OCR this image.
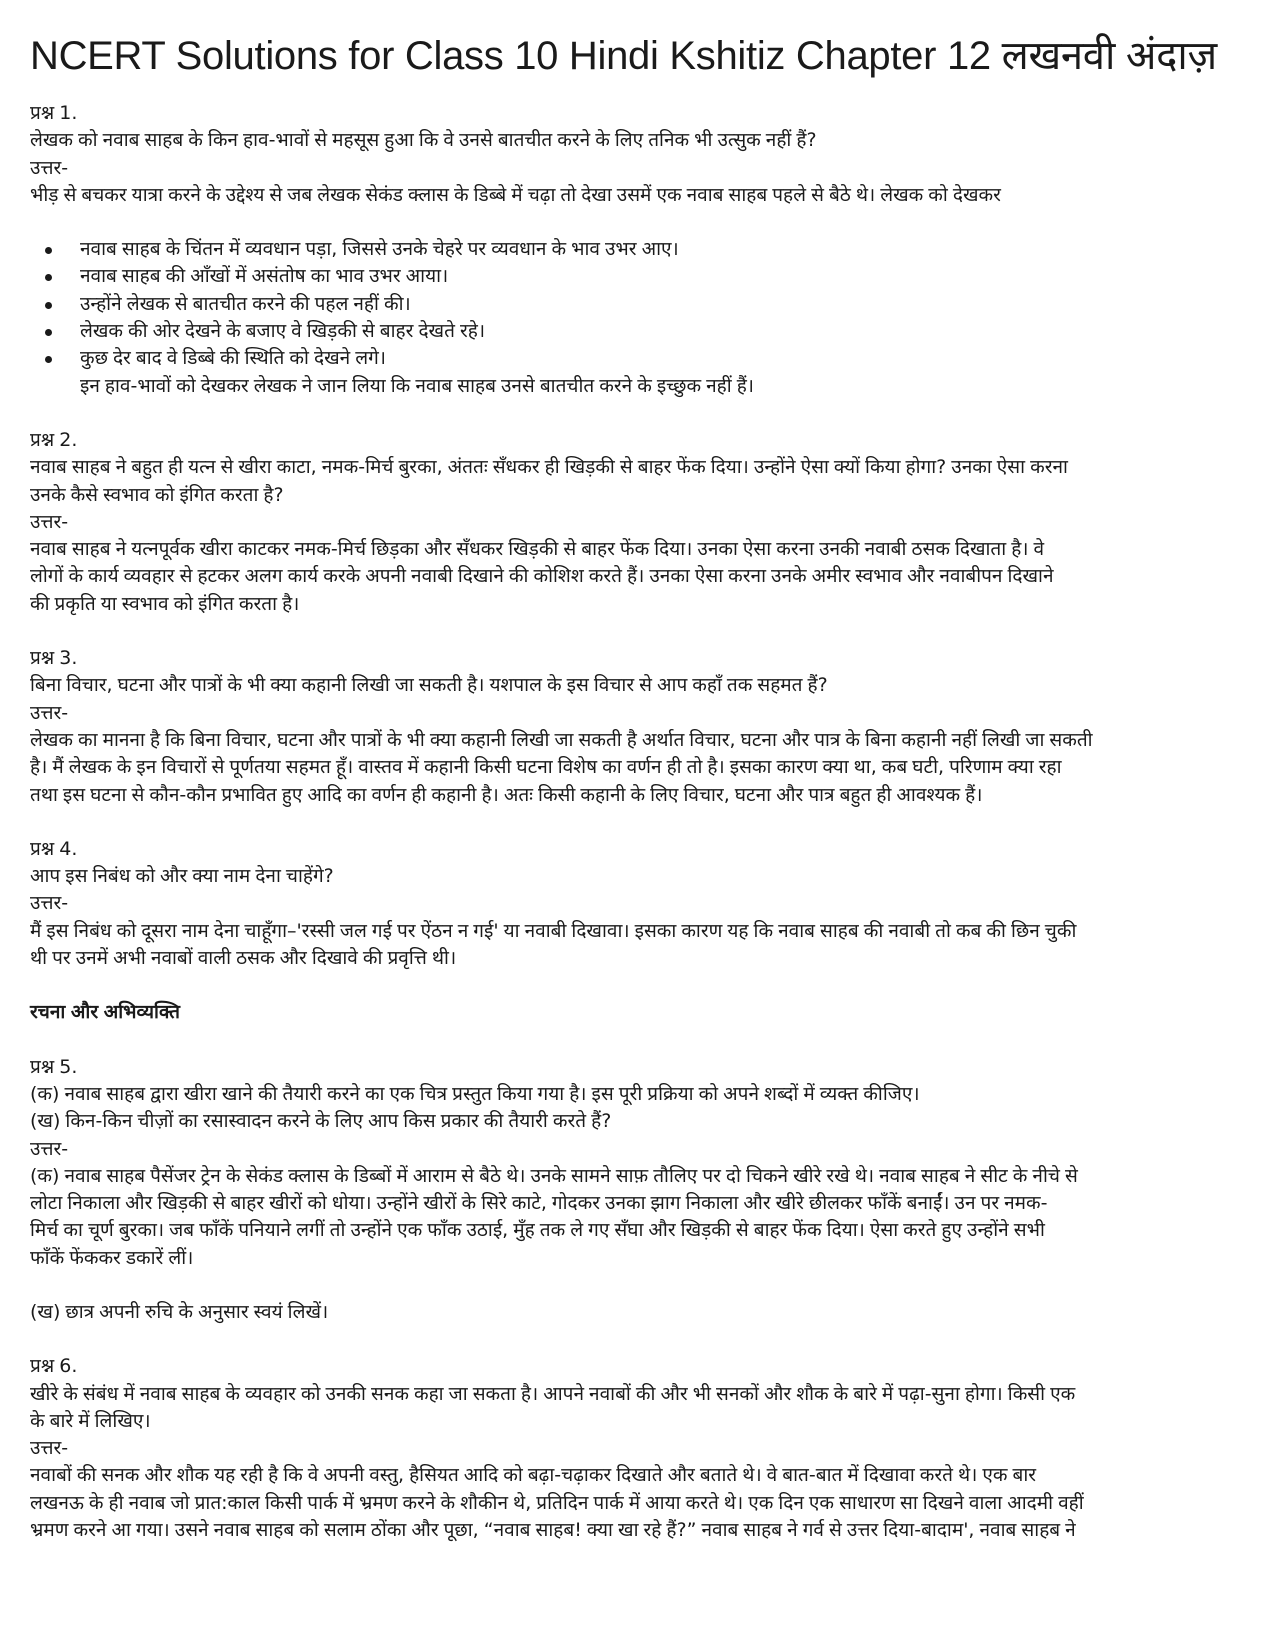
NCERT Solutions for Class 10 Hindi Kshitiz Chapter 12 लखनवी अंदाज़
प्रश्न 1.
लेखक को नवाब साहब के किन हाव-भावों से महसूस हुआ कि वे उनसे बातचीत करने के लिए तनिक भी उत्सुक नहीं हैं?
उत्तर-
भीड़ से बचकर यात्रा करने के उद्देश्य से जब लेखक सेकंड क्लास के डिब्बे में चढ़ा तो देखा उसमें एक नवाब साहब पहले से बैठे थे। लेखक को देखकर
नवाब साहब के चिंतन में व्यवधान पड़ा, जिससे उनके चेहरे पर व्यवधान के भाव उभर आए।
नवाब साहब की आँखों में असंतोष का भाव उभर आया।
उन्होंने लेखक से बातचीत करने की पहल नहीं की।
लेखक की ओर देखने के बजाए वे खिड़की से बाहर देखते रहे।
कुछ देर बाद वे डिब्बे की स्थिति को देखने लगे।
इन हाव-भावों को देखकर लेखक ने जान लिया कि नवाब साहब उनसे बातचीत करने के इच्छुक नहीं हैं।
प्रश्न 2.
नवाब साहब ने बहुत ही यत्न से खीरा काटा, नमक-मिर्च बुरका, अंततः सँधकर ही खिड़की से बाहर फेंक दिया। उन्होंने ऐसा क्यों किया होगा? उनका ऐसा करना
उनके कैसे स्वभाव को इंगित करता है?
उत्तर-
नवाब साहब ने यत्नपूर्वक खीरा काटकर नमक-मिर्च छिड़का और सँधकर खिड़की से बाहर फेंक दिया। उनका ऐसा करना उनकी नवाबी ठसक दिखाता है। वे
लोगों के कार्य व्यवहार से हटकर अलग कार्य करके अपनी नवाबी दिखाने की कोशिश करते हैं। उनका ऐसा करना उनके अमीर स्वभाव और नवाबीपन दिखाने
की प्रकृति या स्वभाव को इंगित करता है।
प्रश्न 3.
बिना विचार, घटना और पात्रों के भी क्या कहानी लिखी जा सकती है। यशपाल के इस विचार से आप कहाँ तक सहमत हैं?
उत्तर-
लेखक का मानना है कि बिना विचार, घटना और पात्रों के भी क्या कहानी लिखी जा सकती है अर्थात विचार, घटना और पात्र के बिना कहानी नहीं लिखी जा सकती
है। मैं लेखक के इन विचारों से पूर्णतया सहमत हूँ। वास्तव में कहानी किसी घटना विशेष का वर्णन ही तो है। इसका कारण क्या था, कब घटी, परिणाम क्या रहा
तथा इस घटना से कौन-कौन प्रभावित हुए आदि का वर्णन ही कहानी है। अतः किसी कहानी के लिए विचार, घटना और पात्र बहुत ही आवश्यक हैं।
प्रश्न 4.
आप इस निबंध को और क्या नाम देना चाहेंगे?
उत्तर-
मैं इस निबंध को दूसरा नाम देना चाहूँगा–'रस्सी जल गई पर ऐंठन न गई' या नवाबी दिखावा। इसका कारण यह कि नवाब साहब की नवाबी तो कब की छिन चुकी
थी पर उनमें अभी नवाबों वाली ठसक और दिखावे की प्रवृत्ति थी।
रचना और अभिव्यक्ति
प्रश्न 5.
(क) नवाब साहब द्वारा खीरा खाने की तैयारी करने का एक चित्र प्रस्तुत किया गया है। इस पूरी प्रक्रिया को अपने शब्दों में व्यक्त कीजिए।
(ख) किन-किन चीज़ों का रसास्वादन करने के लिए आप किस प्रकार की तैयारी करते हैं?
उत्तर-
(क) नवाब साहब पैसेंजर ट्रेन के सेकंड क्लास के डिब्बों में आराम से बैठे थे। उनके सामने साफ़ तौलिए पर दो चिकने खीरे रखे थे। नवाब साहब ने सीट के नीचे से
लोटा निकाला और खिड़की से बाहर खीरों को धोया। उन्होंने खीरों के सिरे काटे, गोदकर उनका झाग निकाला और खीरे छीलकर फाँकें बनाईं। उन पर नमक-
मिर्च का चूर्ण बुरका। जब फाँकें पनियाने लगीं तो उन्होंने एक फाँक उठाई, मुँह तक ले गए सँघा और खिड़की से बाहर फेंक दिया। ऐसा करते हुए उन्होंने सभी
फाँकें फेंककर डकारें लीं।
(ख) छात्र अपनी रुचि के अनुसार स्वयं लिखें।
प्रश्न 6.
खीरे के संबंध में नवाब साहब के व्यवहार को उनकी सनक कहा जा सकता है। आपने नवाबों की और भी सनकों और शौक के बारे में पढ़ा-सुना होगा। किसी एक
के बारे में लिखिए।
उत्तर-
नवाबों की सनक और शौक यह रही है कि वे अपनी वस्तु, हैसियत आदि को बढ़ा-चढ़ाकर दिखाते और बताते थे। वे बात-बात में दिखावा करते थे। एक बार
लखनऊ के ही नवाब जो प्रात:काल किसी पार्क में भ्रमण करने के शौकीन थे, प्रतिदिन पार्क में आया करते थे। एक दिन एक साधारण सा दिखने वाला आदमी वहीं
भ्रमण करने आ गया। उसने नवाब साहब को सलाम ठोंका और पूछा, “नवाब साहब! क्या खा रहे हैं?” नवाब साहब ने गर्व से उत्तर दिया-बादाम', नवाब साहब ने
